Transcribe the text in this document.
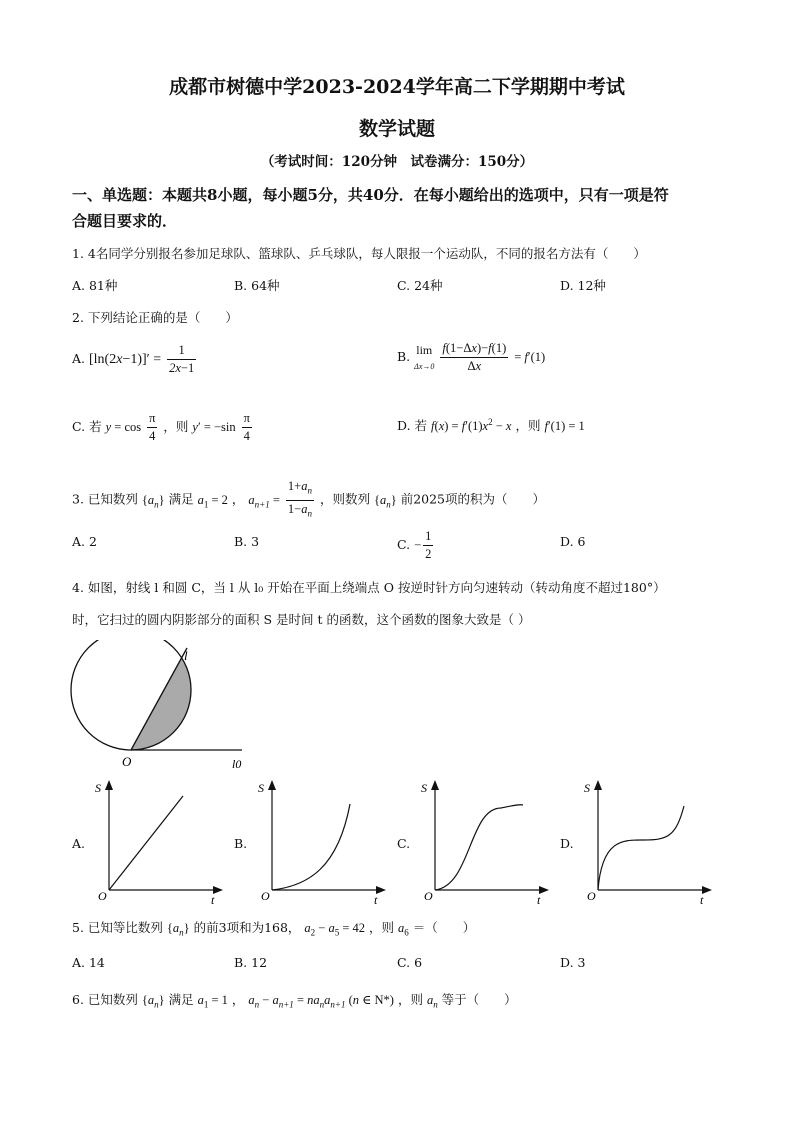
成都市树德中学2023-2024学年高二下学期期中考试
数学试题
（考试时间：120分钟　试卷满分：150分）
一、单选题：本题共8小题，每小题5分，共40分．在每小题给出的选项中，只有一项是符
合题目要求的．
1. 4名同学分别报名参加足球队、篮球队、乒乓球队，每人限报一个运动队，不同的报名方法有（　　）
A. 81种	B. 64种	C. 24种	D. 12种
2. 下列结论正确的是（　　）
A. $[\ln(2x-1)]' = \frac{1}{2x-1}$	B. lim
$\Delta x\to 0 \frac{f(1-\Delta x)-f(1)}{\Delta x} = f'(1)$
C. 若 $y = \cos \frac{\pi}{4}$ ，则 $y' = -\sin \frac{\pi}{4}$	D. 若 $f(x) = f'(1)x^2 - x$ ，则 f′(1) = 1
3. 已知数列 $\{a_n\}$ 满足 $a_1 = 2$ ， $a_{n+1} = \frac{1+a_n}{1-a_n}$ ，则数列 $\{a_n\}$ 前2025项的积为（　　）
A. 2	B. 3	C. − $\frac{1}{2}$	D. 6
4. 如图，射线 l 和圆 C，当 l 从 l₀ 开始在平面上绕端点 O 按逆时针方向匀速转动（转动角度不超过180°）
时，它扫过的圆内阴影部分的面积 S 是时间 t 的函数，这个函数的图象大致是（ ）
l
O	l0
A.	B.	C.	D.
S
t
O
S
t
O
S
t
O
S
t
O
5. 已知等比数列 $\{a_n\}$ 的前3项和为168， $a_2 - a_5 = 42$ ，则 $a_6$ ＝（　　）
A. 14	B. 12	C. 6	D. 3
6. 已知数列 $\{a_n\}$ 满足 $a_1 = 1$ ， $a_n - a_{n+1} = na_na_{n+1}$ (n ∈ N*) ，则 $a_n$ 等于（　　）
